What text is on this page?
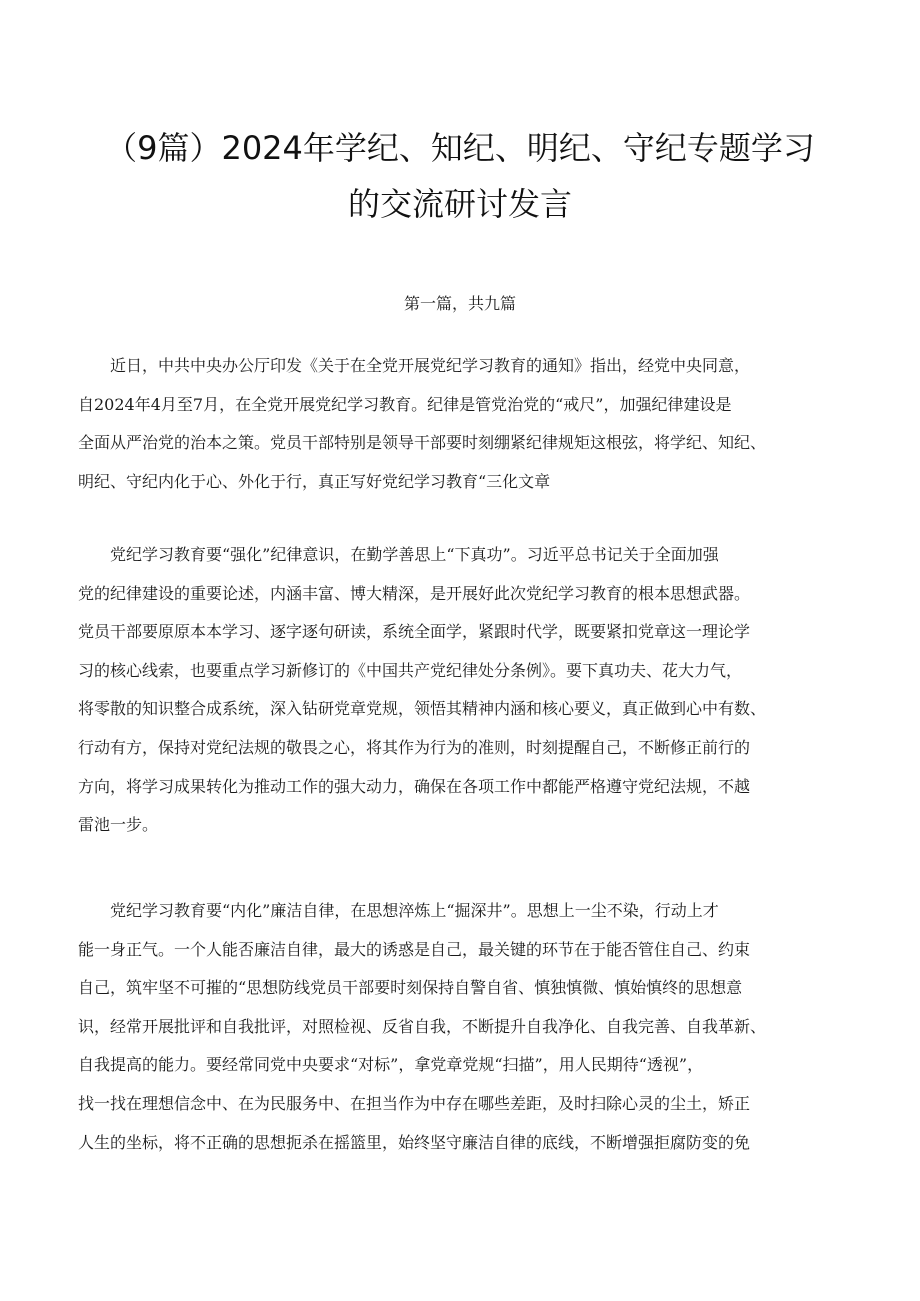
（9篇）2024年学纪、知纪、明纪、守纪专题学习
的交流研讨发言
第一篇，共九篇
　　近日，中共中央办公厅印发《关于在全党开展党纪学习教育的通知》指出，经党中央同意，
自2024年4月至7月，在全党开展党纪学习教育。纪律是管党治党的“戒尺”，加强纪律建设是
全面从严治党的治本之策。党员干部特别是领导干部要时刻绷紧纪律规矩这根弦，将学纪、知纪、
明纪、守纪内化于心、外化于行，真正写好党纪学习教育“三化文章
　　党纪学习教育要“强化”纪律意识，在勤学善思上“下真功”。习近平总书记关于全面加强
党的纪律建设的重要论述，内涵丰富、博大精深，是开展好此次党纪学习教育的根本思想武器。
党员干部要原原本本学习、逐字逐句研读，系统全面学，紧跟时代学，既要紧扣党章这一理论学
习的核心线索，也要重点学习新修订的《中国共产党纪律处分条例》。要下真功夫、花大力气，
将零散的知识整合成系统，深入钻研党章党规，领悟其精神内涵和核心要义，真正做到心中有数、
行动有方，保持对党纪法规的敬畏之心，将其作为行为的准则，时刻提醒自己，不断修正前行的
方向，将学习成果转化为推动工作的强大动力，确保在各项工作中都能严格遵守党纪法规，不越
雷池一步。
　　党纪学习教育要“内化”廉洁自律，在思想淬炼上“掘深井”。思想上一尘不染，行动上才
能一身正气。一个人能否廉洁自律，最大的诱惑是自己，最关键的环节在于能否管住自己、约束
自己，筑牢坚不可摧的“思想防线党员干部要时刻保持自警自省、慎独慎微、慎始慎终的思想意
识，经常开展批评和自我批评，对照检视、反省自我，不断提升自我净化、自我完善、自我革新、
自我提高的能力。要经常同党中央要求“对标”，拿党章党规“扫描”，用人民期待“透视”，
找一找在理想信念中、在为民服务中、在担当作为中存在哪些差距，及时扫除心灵的尘土，矫正
人生的坐标，将不正确的思想扼杀在摇篮里，始终坚守廉洁自律的底线，不断增强拒腐防变的免
